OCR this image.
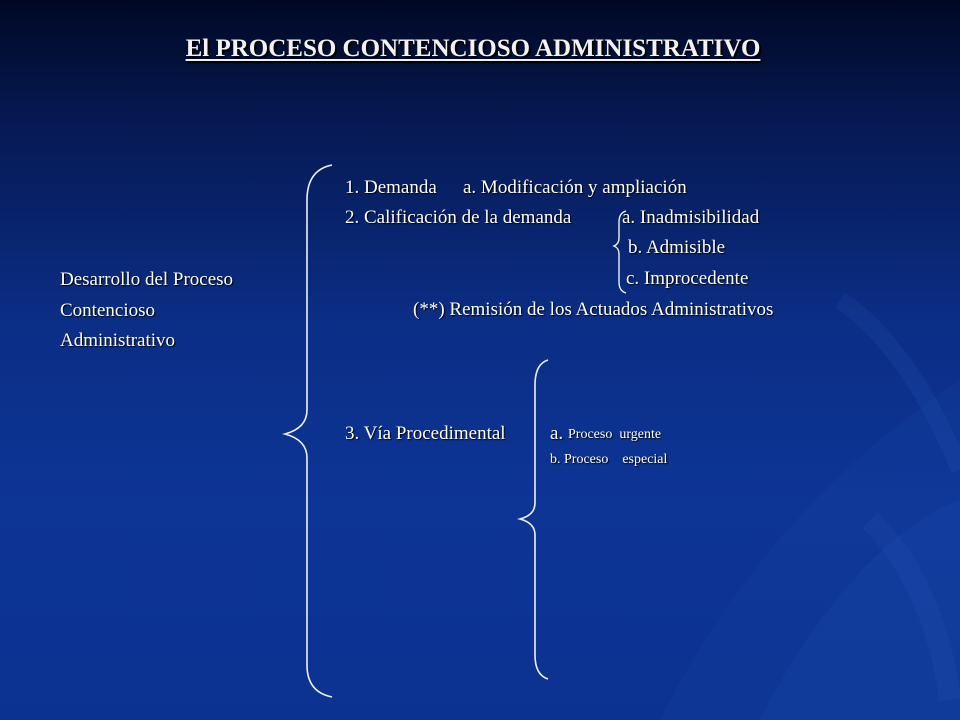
El PROCESO CONTENCIOSO ADMINISTRATIVO
Desarrollo del Proceso
Contencioso
Administrativo
1. Demanda a. Modificación y ampliación
2. Calificación de la demanda	a. Inadmisibilidad
b. Admisible
c. Improcedente
(**) Remisión de los Actuados Administrativos
3. Vía Procedimental a. Proceso  urgente
b. Proceso    especial
